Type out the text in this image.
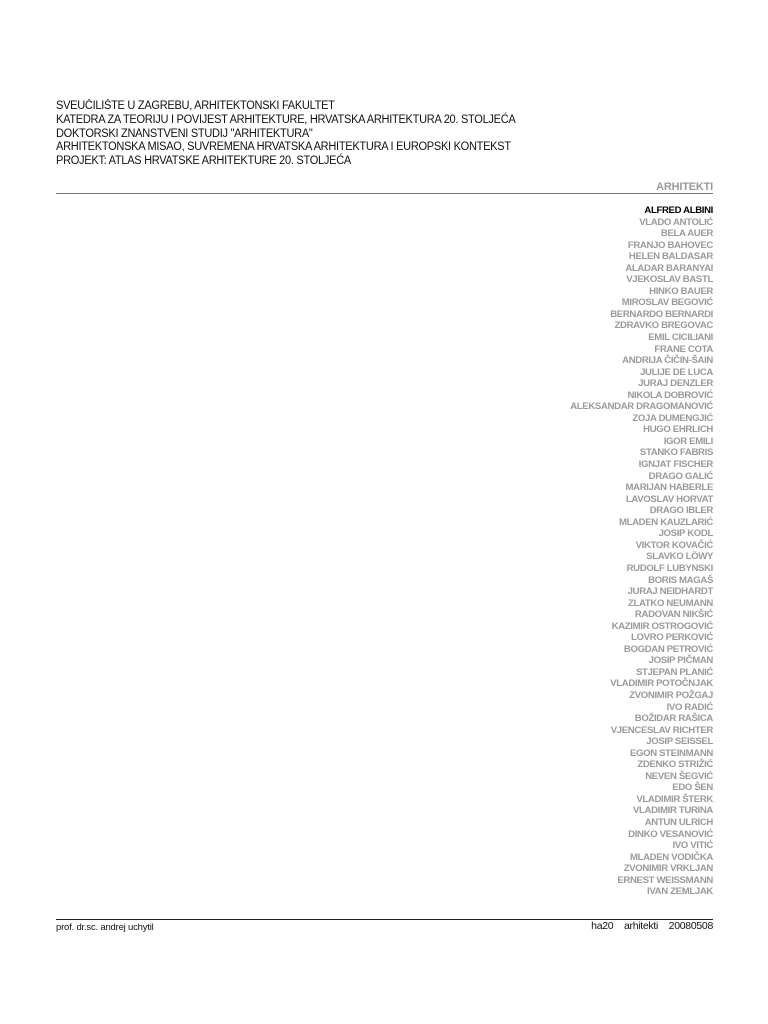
SVEUČILIŠTE U ZAGREBU, ARHITEKTONSKI FAKULTET
KATEDRA ZA TEORIJU I POVIJEST ARHITEKTURE, HRVATSKA ARHITEKTURA 20. STOLJEĆA
DOKTORSKI ZNANSTVENI STUDIJ "ARHITEKTURA"
ARHITEKTONSKA MISAO, SUVREMENA HRVATSKA ARHITEKTURA I EUROPSKI KONTEKST
PROJEKT: ATLAS HRVATSKE ARHITEKTURE 20. STOLJEĆA
ARHITEKTI
ALFRED ALBINI
VLADO ANTOLIĆ
BELA AUER
FRANJO BAHOVEC
HELEN BALDASAR
ALADAR BARANYAI
VJEKOSLAV BASTL
HINKO BAUER
MIROSLAV BEGOVIĆ
BERNARDO BERNARDI
ZDRAVKO BREGOVAC
EMIL CICILIANI
FRANE COTA
ANDRIJA ČIČIN-ŠAIN
JULIJE DE LUCA
JURAJ DENZLER
NIKOLA DOBROVIĆ
ALEKSANDAR DRAGOMANOVIĆ
ZOJA DUMENGJIĆ
HUGO EHRLICH
IGOR EMILI
STANKO FABRIS
IGNJAT FISCHER
DRAGO GALIĆ
MARIJAN HABERLE
LAVOSLAV HORVAT
DRAGO IBLER
MLADEN KAUZLARIĆ
JOSIP KODL
VIKTOR KOVAČIĆ
SLAVKO LÖWY
RUDOLF LUBYNSKI
BORIS MAGAŠ
JURAJ NEIDHARDT
ZLATKO NEUMANN
RADOVAN NIKŠIĆ
KAZIMIR OSTROGOVIĆ
LOVRO PERKOVIĆ
BOGDAN PETROVIĆ
JOSIP PIČMAN
STJEPAN PLANIĆ
VLADIMIR POTOČNJAK
ZVONIMIR POŽGAJ
IVO RADIĆ
BOŽIDAR RAŠICA
VJENCESLAV RICHTER
JOSIP SEISSEL
EGON STEINMANN
ZDENKO STRIŽIĆ
NEVEN ŠEGVIĆ
EDO ŠEN
VLADIMIR ŠTERK
VLADIMIR TURINA
ANTUN ULRICH
DINKO VESANOVIĆ
IVO VITIĆ
MLADEN VODIČKA
ZVONIMIR VRKLJAN
ERNEST WEISSMANN
IVAN ZEMLJAK
prof. dr.sc. andrej uchytil	ha20 arhitekti 20080508
